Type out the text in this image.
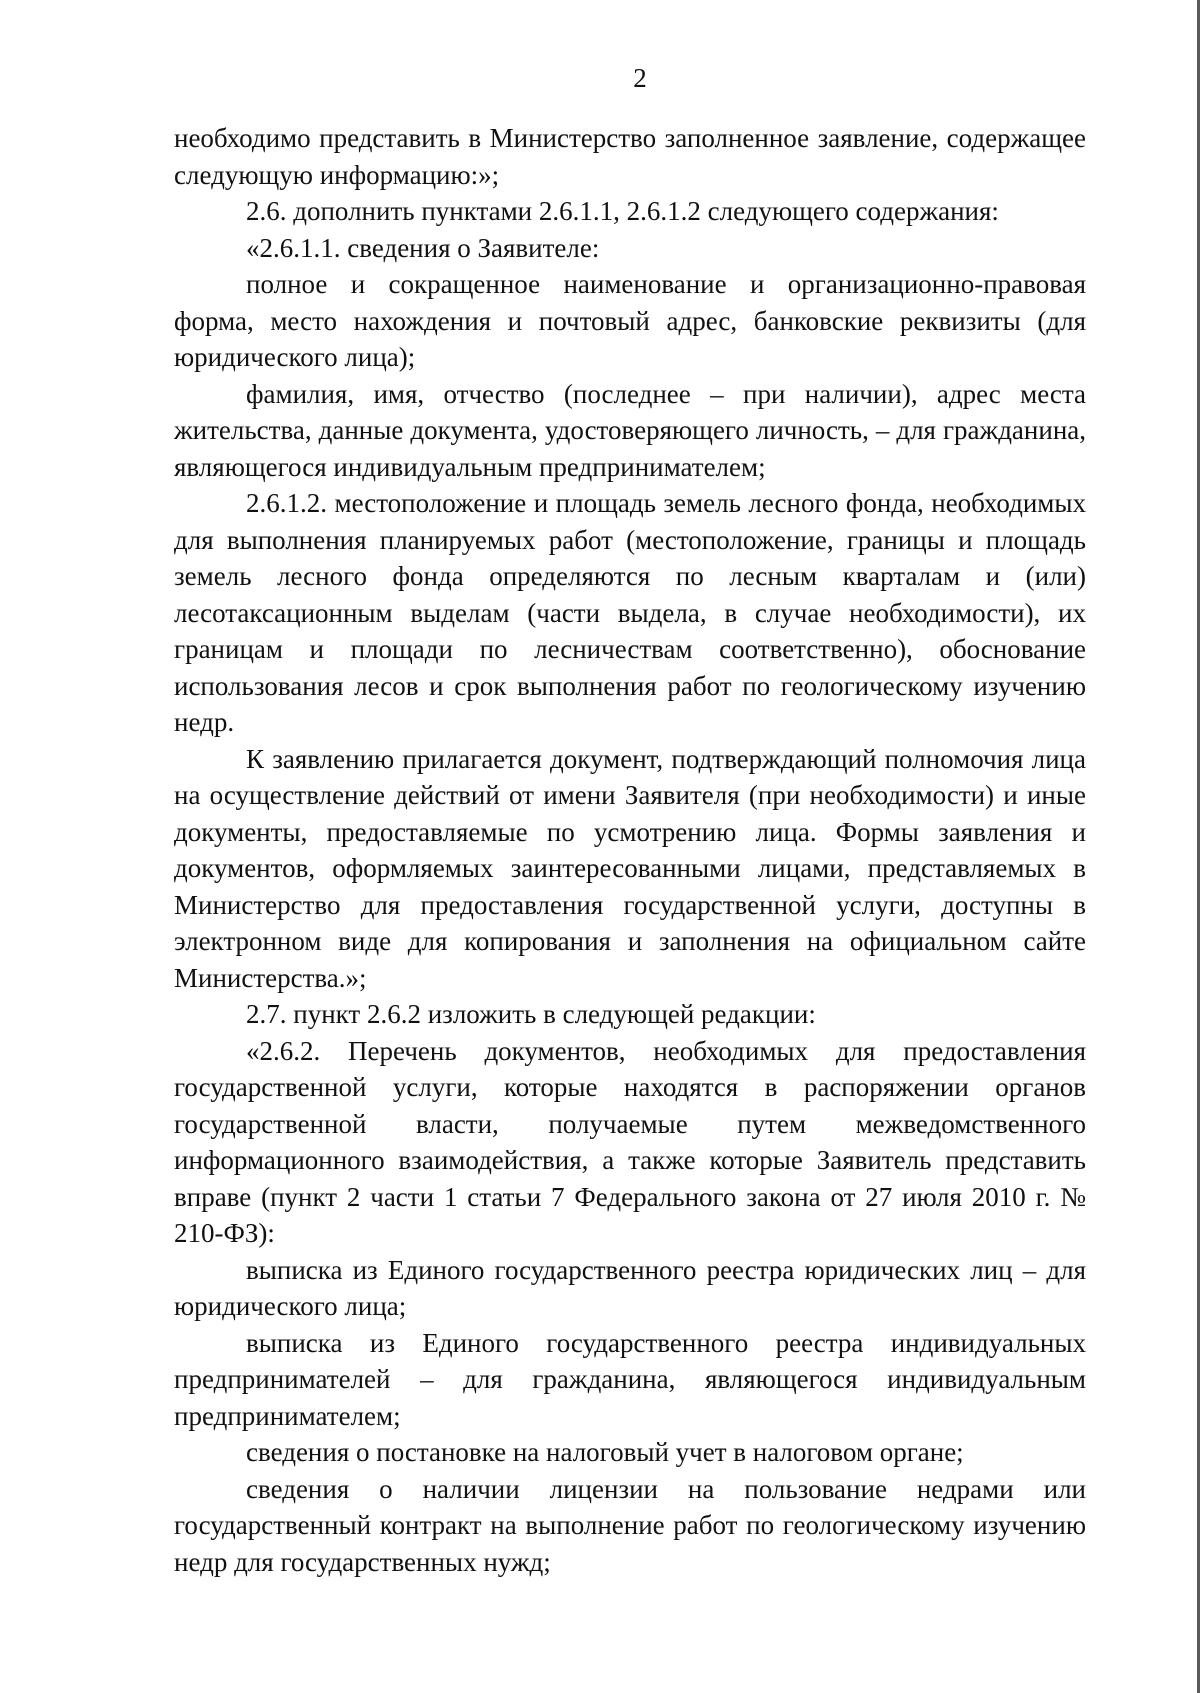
2

необходимо представить в Министерство заполненное заявление, содержащее следующую информацию:»;

2.6. дополнить пунктами 2.6.1.1, 2.6.1.2 следующего содержания:

«2.6.1.1. сведения о Заявителе:

полное и сокращенное наименование и организационно-правовая форма, место нахождения и почтовый адрес, банковские реквизиты (для юридического лица);

фамилия, имя, отчество (последнее – при наличии), адрес места жительства, данные документа, удостоверяющего личность, – для гражданина, являющегося индивидуальным предпринимателем;

2.6.1.2. местоположение и площадь земель лесного фонда, необходимых для выполнения планируемых работ (местоположение, границы и площадь земель лесного фонда определяются по лесным кварталам и (или) лесотаксационным выделам (части выдела, в случае необходимости), их границам и площади по лесничествам соответственно), обоснование использования лесов и срок выполнения работ по геологическому изучению недр.

К заявлению прилагается документ, подтверждающий полномочия лица на осуществление действий от имени Заявителя (при необходимости) и иные документы, предоставляемые по усмотрению лица. Формы заявления и документов, оформляемых заинтересованными лицами, представляемых в Министерство для предоставления государственной услуги, доступны в электронном виде для копирования и заполнения на официальном сайте Министерства.»;

2.7. пункт 2.6.2 изложить в следующей редакции:

«2.6.2. Перечень документов, необходимых для предоставления государственной услуги, которые находятся в распоряжении органов государственной власти, получаемые путем межведомственного информационного взаимодействия, а также которые Заявитель представить вправе (пункт 2 части 1 статьи 7 Федерального закона от 27 июля 2010 г. № 210-ФЗ):

выписка из Единого государственного реестра юридических лиц – для юридического лица;

выписка из Единого государственного реестра индивидуальных предпринимателей – для гражданина, являющегося индивидуальным предпринимателем;

сведения о постановке на налоговый учет в налоговом органе;

сведения о наличии лицензии на пользование недрами или государственный контракт на выполнение работ по геологическому изучению недр для государственных нужд;
